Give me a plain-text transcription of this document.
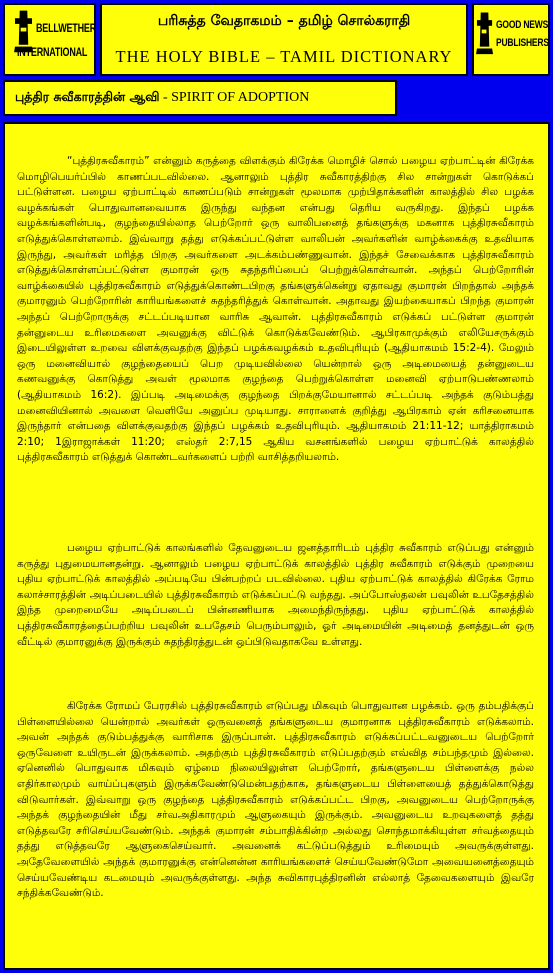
BELLWETHER
INTERNATIONAL
பரிசுத்த வேதாகமம் – தமிழ் சொல்கராதி
THE HOLY BIBLE – TAMIL DICTIONARY
GOOD NEWS
PUBLISHERS
புத்திர சுவீகாரத்தின் ஆவி - SPIRIT OF ADOPTION

“புத்திரசுவீகாரம்” என்னும் கருத்தை விளக்கும் கிரேக்க மொழிச் சொல் பழைய ஏற்பாட்டின் கிரேக்க மொழிபெயர்ப்பில் காணப்படவில்லை. ஆனாலும் புத்திர சுவீகாரத்திற்கு சில சான்றுகள் கொடுக்கப் பட்டுள்ளன. பழைய ஏற்பாட்டில் காணப்படும் சான்றுகள் மூலமாக முற்பிதாக்களின் காலத்தில் சில பழக்க வழக்கங்கள் பொதுவானவையாக இருந்து வந்தன என்பது தெரிய வருகிறது. இந்தப் பழக்க வழக்கங்களின்படி, குழந்தையில்லாத பெற்றோர் ஒரு வாலிபனைத் தங்களுக்கு மகனாக புத்திரசுவீகாரம் எடுத்துக்கொள்ளலாம். இவ்வாறு தத்து எடுக்கப்பட்டுள்ள வாலிபன் அவர்களின் வாழ்க்கைக்கு உதவியாக இருந்து, அவர்கள் மரித்த பிறகு அவர்களை அடக்கம்பண்ணுவான். இந்தச் சேவைக்காக புத்திரசுவீகாரம் எடுத்துக்கொள்ளப்பட்டுள்ள குமாரன் ஒரு சுதந்தரிப்பைப் பெற்றுக்கொள்வான். அந்தப் பெற்றோரின் வாழ்க்கையில் புத்திரசுவீகாரம் எடுத்துக்கொண்டபிறகு தங்களுக்கென்று ஏதாவது குமாரன் பிறந்தால் அந்தக் குமாரனும் பெற்றோரின் காரியங்களைச் சுதந்தரித்துக் கொள்வான். அதாவது இயற்கையாகப் பிறந்த குமாரன் அந்தப் பெற்றோருக்கு சட்டப்படியான வாரிசு ஆவான். புத்திரசுவீகாரம் எடுக்கப் பட்டுள்ள குமாரன் தன்னுடைய உரிமைகளை அவனுக்கு விட்டுக் கொடுக்கவேண்டும். ஆபிரகாமுக்கும் எலியேசருக்கும் இடையிலுள்ள உறவை விளக்குவதற்கு இந்தப் பழக்கவழக்கம் உதவிபுரியும் (ஆதியாகமம் 15:2-4). மேலும் ஒரு மனைவியால் குழந்தையைப் பெற முடியவில்லை யென்றால் ஒரு அடிமையைத் தன்னுடைய கணவனுக்கு கொடுத்து அவள் மூலமாக குழந்தை பெற்றுக்கொள்ள மனைவி ஏற்பாடுபண்ணலாம் (ஆதியாகமம் 16:2). இப்படி அடிமைக்கு குழந்தை பிறக்குமேயானால் சட்டப்படி அந்தக் குடும்பத்து மனைவியினால் அவளை வெளியே அனுப்ப முடியாது. சாராளைக் குறித்து ஆபிரகாம் ஏன் கரிசனையாக இருந்தார் என்பதை விளக்குவதற்கு இந்தப் பழக்கம் உதவிபுரியும். ஆதியாகமம் 21:11-12; யாத்திராகமம் 2:10; 1இராஜாக்கள் 11:20; எஸ்தர் 2:7,15 ஆகிய வசனங்களில் பழைய ஏற்பாட்டுக் காலத்தில் புத்திரசுவீகாரம் எடுத்துக் கொண்டவர்களைப் பற்றி வாசித்தறியலாம்.

பழைய ஏற்பாட்டுக் காலங்களில் தேவனுடைய ஜனத்தாரிடம் புத்திர சுவீகாரம் எடுப்பது என்னும் கருத்து புதுமையானதன்று. ஆனாலும் பழைய ஏற்பாட்டுக் காலத்தில் புத்திர சுவீகாரம் எடுக்கும் முறையை புதிய ஏற்பாட்டுக் காலத்தில் அப்படியே பின்பற்றப் படவில்லை. புதிய ஏற்பாட்டுக் காலத்தில் கிரேக்க ரோம கலாச்சாரத்தின் அடிப்படையில் புத்திரசுவீகாரம் எடுக்கப்பட்டு வந்தது. அப்போஸ்தலன் பவுலின் உபதேசத்தில் இந்த முறைமையே அடிப்படைப் பின்னணியாக அமைந்திருந்தது. புதிய ஏற்பாட்டுக் காலத்தில் புத்திரசுவீகாரத்தைப்பற்றிய பவுலின் உபதேசம் பெரும்பாலும், ஓர் அடிமையின் அடிமைத் தனத்துடன் ஒரு வீட்டில் குமாரனுக்கு இருக்கும் சுதந்திரத்துடன் ஒப்பிடுவதாகவே உள்ளது.

கிரேக்க ரோமப் பேரரசில் புத்திரசுவீகாரம் எடுப்பது மிகவும் பொதுவான பழக்கம். ஒரு தம்பதிக்குப் பிள்ளையில்லை யென்றால் அவர்கள் ஒருவனைத் தங்களுடைய குமாரனாக புத்திரசுவீகாரம் எடுக்கலாம். அவன் அந்தக் குடும்பத்துக்கு வாரிசாக இருப்பான். புத்திரசுவீகாரம் எடுக்கப்பட்டவனுடைய பெற்றோர் ஒருவேளை உயிருடன் இருக்கலாம். அதற்கும் புத்திரசுவீகாரம் எடுப்பதற்கும் எவ்வித சம்பந்தமும் இல்லை. ஏனெனில் பொதுவாக மிகவும் ஏழ்மை நிலையிலுள்ள பெற்றோர், தங்களுடைய பிள்ளைக்கு நல்ல எதிர்காலமும் வாய்ப்புகளும் இருக்கவேண்டுமென்பதற்காக, தங்களுடைய பிள்ளையைத் தத்துக்கொடுத்து விடுவார்கள். இவ்வாறு ஒரு குழந்தை புத்திரசுவீகாரம் எடுக்கப்பட்ட பிறகு, அவனுடைய பெற்றோருக்கு அந்தக் குழந்தையின் மீது சர்வஅதிகாரமும் ஆளுகையும் இருக்கும். அவனுடைய உறவுகளைத் தத்து எடுத்தவரே சரிசெய்யவேண்டும். அந்தக் குமாரன் சம்பாதிக்கின்ற அல்லது சொந்தமாக்கியுள்ள சர்வத்தையும் தத்து எடுத்தவரே ஆளுகைசெய்வார். அவனைக் கட்டுப்படுத்தும் உரிமையும் அவருக்குள்ளது. அதேவேளையில் அந்தக் குமாரனுக்கு என்னென்ன காரியங்களைச் செய்யவேண்டுமோ அவையனைத்தையும் செய்யவேண்டிய கடமையும் அவருக்குள்ளது. அந்த சுவிகாரபுத்திரனின் எல்லாத் தேவைகளையும் இவரே சந்திக்கவேண்டும்.
